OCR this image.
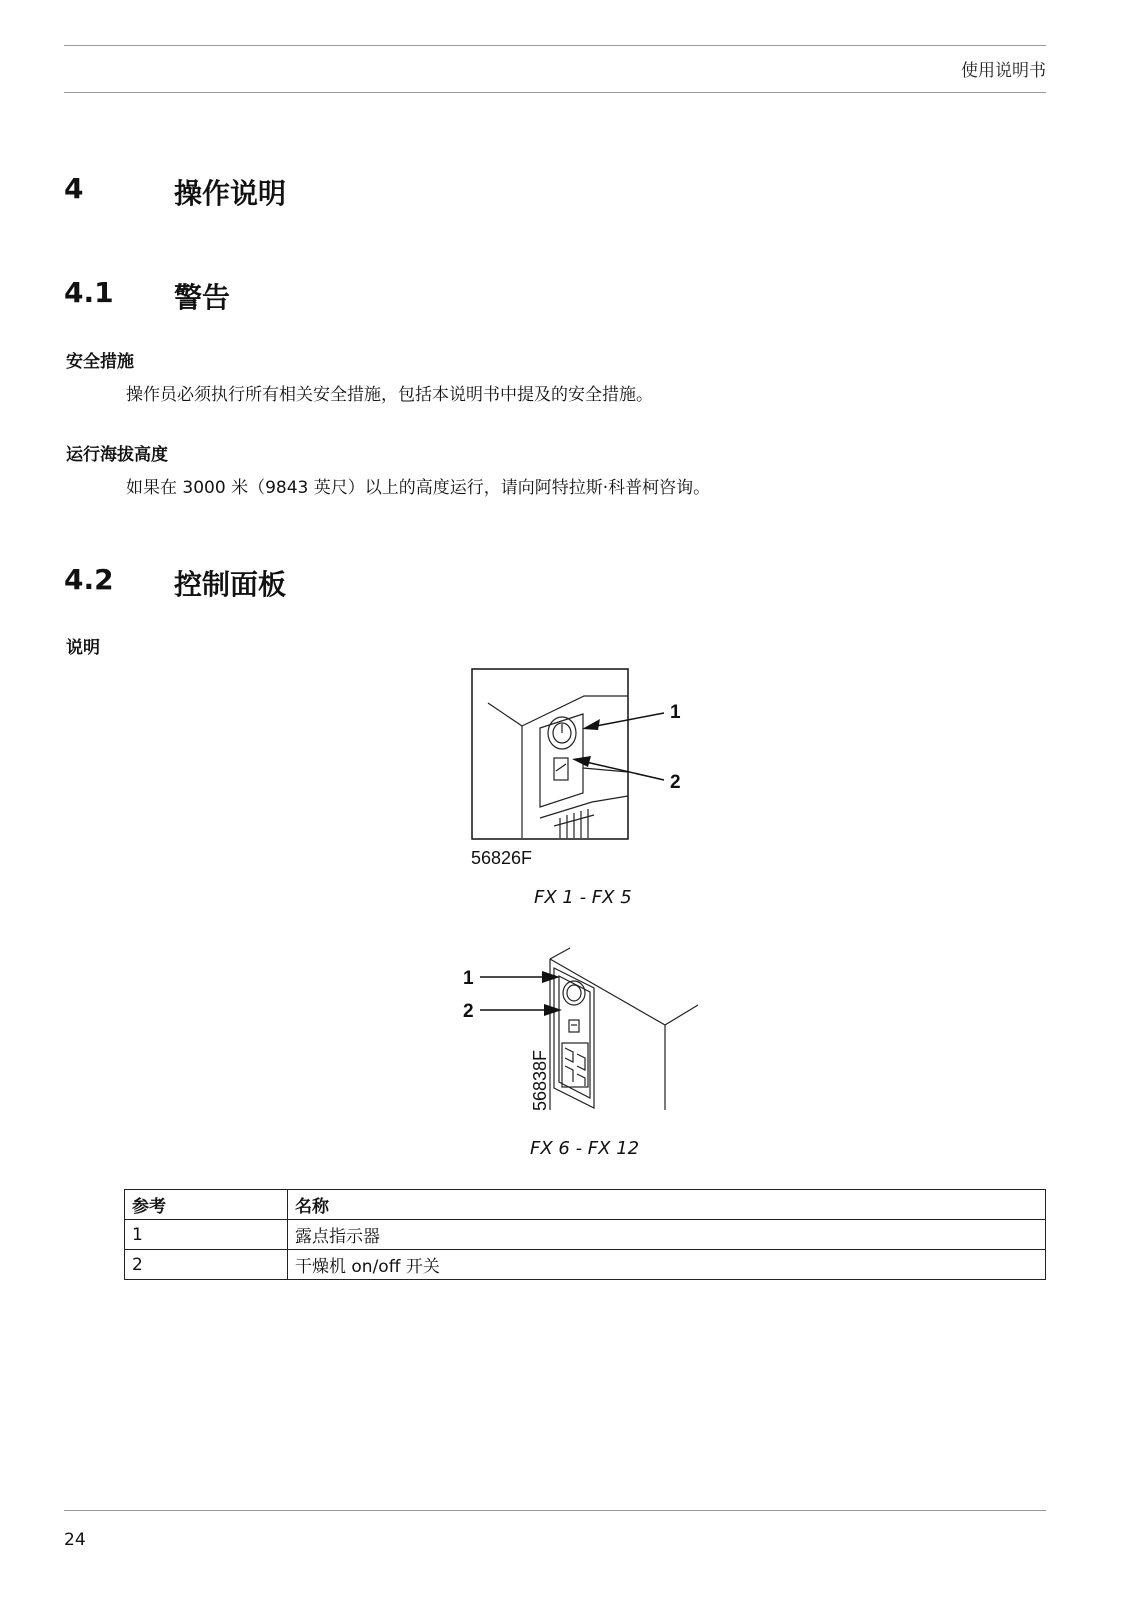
使用说明书
4	操作说明
4.1 警告
安全措施
操作员必须执行所有相关安全措施，包括本说明书中提及的安全措施。
运行海拔高度
如果在 3000 米（9843 英尺）以上的高度运行，请向阿特拉斯·科普柯咨询。
4.2 控制面板
说明
1
2
56826F
FX 1 - FX 5
1
2
56838F
FX 6 - FX 12
参考	名称
1	露点指示器
2	干燥机 on/off 开关
24
